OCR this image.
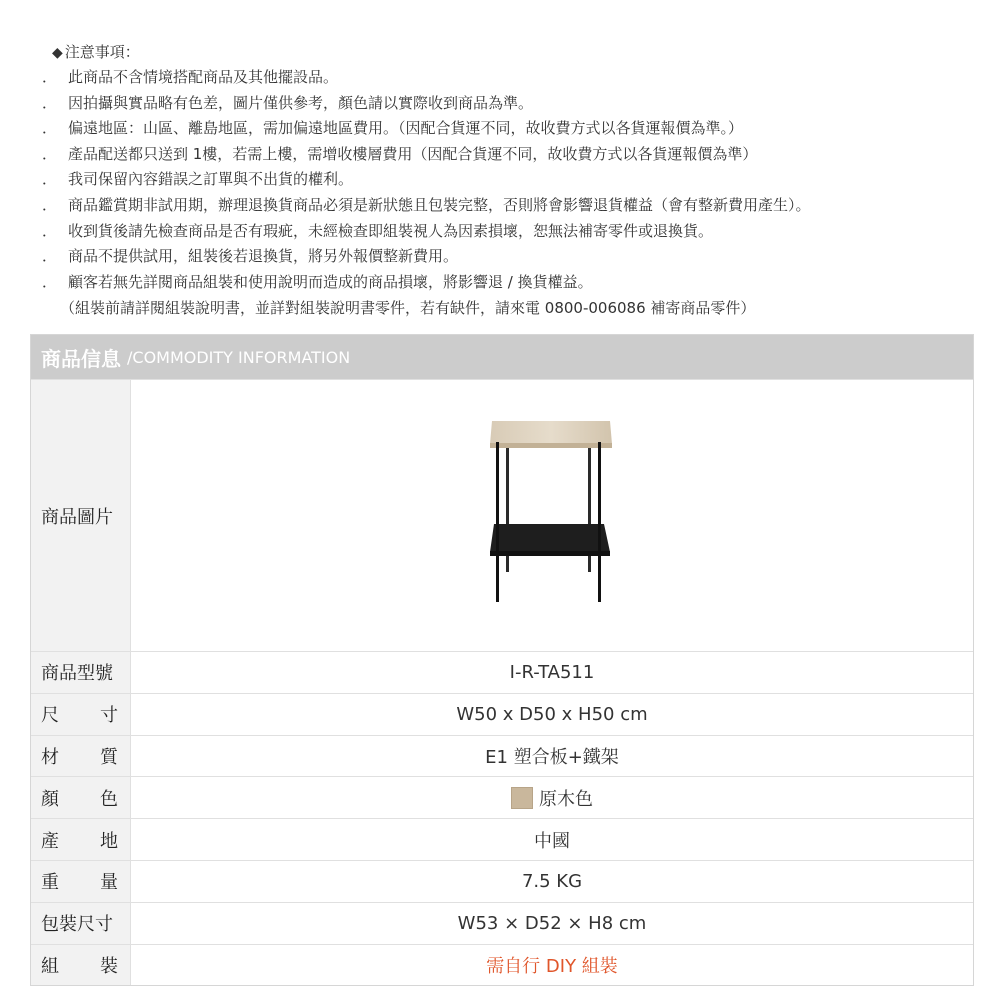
◆ 注意事項：
． 此商品不含情境搭配商品及其他擺設品。
． 因拍攝與實品略有色差，圖片僅供參考，顏色請以實際收到商品為準。
． 偏遠地區：山區、離島地區，需加偏遠地區費用。（因配合貨運不同，故收費方式以各貨運報價為準。）
． 產品配送都只送到 1樓，若需上樓，需增收樓層費用（因配合貨運不同，故收費方式以各貨運報價為準）
． 我司保留內容錯誤之訂單與不出貨的權利。
． 商品鑑賞期非試用期，辦理退換貨商品必須是新狀態且包裝完整，否則將會影響退貨權益（會有整新費用產生）。
． 收到貨後請先檢查商品是否有瑕疵，未經檢查即組裝視人為因素損壞，恕無法補寄零件或退換貨。
． 商品不提供試用，組裝後若退換貨，將另外報價整新費用。
． 顧客若無先詳閱商品組裝和使用說明而造成的商品損壞，將影響退 / 換貨權益。
（組裝前請詳閱組裝說明書，並詳對組裝說明書零件，若有缺件，請來電 0800-006086 補寄商品零件）
商品信息 /COMMODITY INFORMATION
商品圖片
商品型號	I-R-TA511
尺 寸	W50 x D50 x H50 cm
材 質	E1 塑合板+鐵架
顏 色	原木色
產 地	中國
重 量	7.5 KG
包裝尺寸	W53 × D52 × H8 cm
組 裝	需自行 DIY 組裝
